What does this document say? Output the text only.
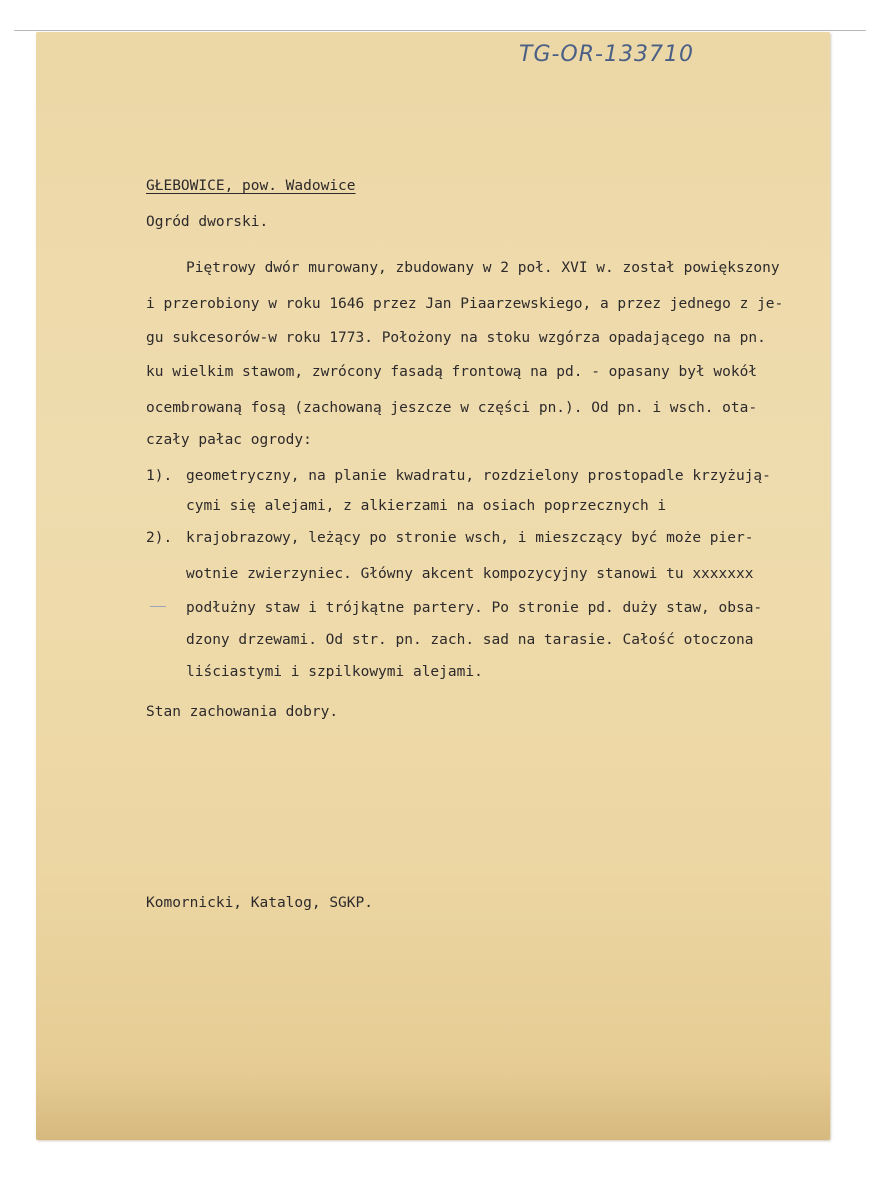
TG-OR-133710
GŁEBOWICE, pow. Wadowice
Ogród dworski.
Piętrowy dwór murowany, zbudowany w 2 poł. XVI w. został powiększony
i przerobiony w roku 1646 przez Jan Piaarzewskiego, a przez jednego z je-
gu sukcesorów-w roku 1773. Położony na stoku wzgórza opadającego na pn.
ku wielkim stawom, zwrócony fasadą frontową na pd. - opasany był wokół
ocembrowaną fosą (zachowaną jeszcze w części pn.). Od pn. i wsch. ota-
czały pałac ogrody:
1). geometryczny, na planie kwadratu, rozdzielony prostopadle krzyżują-
cymi się alejami, z alkierzami na osiach poprzecznych i
2). krajobrazowy, leżący po stronie wsch, i mieszczący być może pier-
wotnie zwierzyniec. Główny akcent kompozycyjny stanowi tu xxxxxxx
podłużny staw i trójkątne partery. Po stronie pd. duży staw, obsa-
dzony drzewami. Od str. pn. zach. sad na tarasie. Całość otoczona
liściastymi i szpilkowymi alejami.
Stan zachowania dobry.
Komornicki, Katalog, SGKP.
